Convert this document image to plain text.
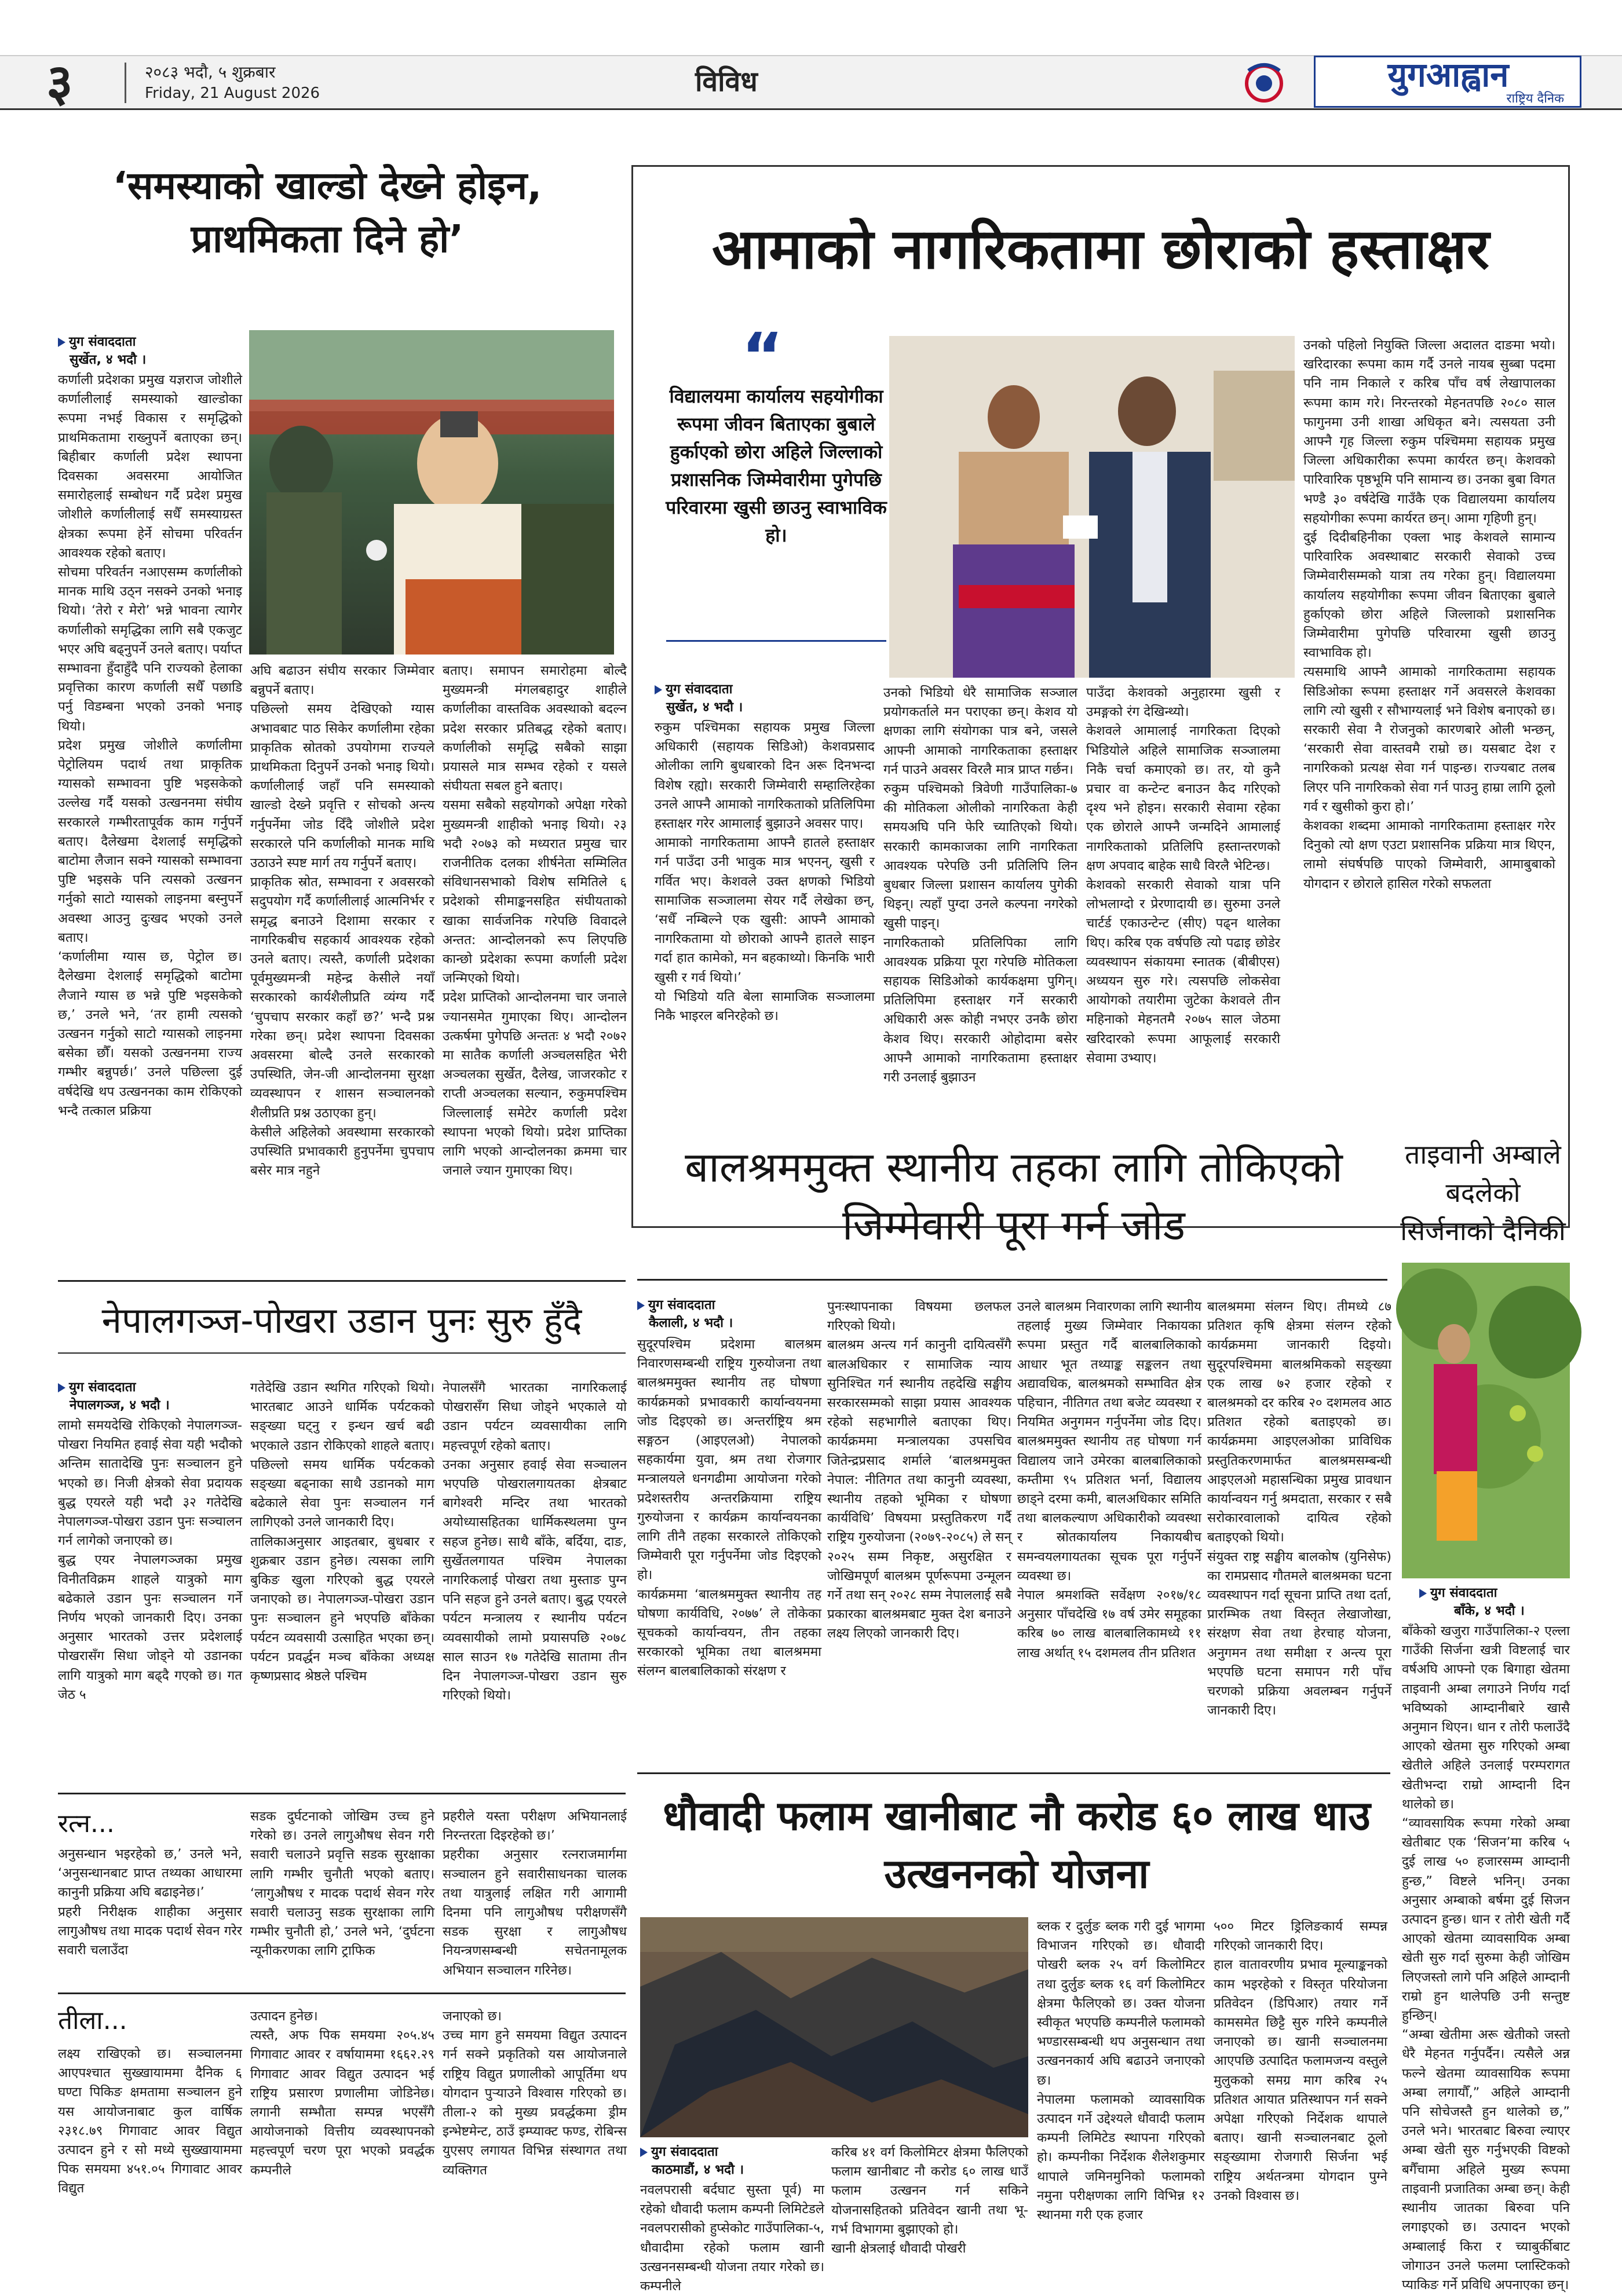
३	२०८३ भदौ, ५ शुक्रबार
Friday, 21 August 2026	विविध	युगआह्वान
राष्ट्रिय दैनिक
‘समस्याको खाल्डो देख्ने होइन, प्राथमिकता दिने हो’
युग संवाददाता
सुर्खेत, ४ भदौ ।
कर्णाली प्रदेशका प्रमुख यज्ञराज जोशीले कर्णालीलाई समस्याको खाल्डोका रूपमा नभई विकास र समृद्धिको प्राथमिकतामा राख्नुपर्ने बताएका छन्। बिहीबार कर्णाली प्रदेश स्थापना दिवसका अवसरमा आयोजित समारोहलाई सम्बोधन गर्दै प्रदेश प्रमुख जोशीले कर्णालीलाई सधैँ समस्याग्रस्त क्षेत्रका रूपमा हेर्ने सोचमा परिवर्तन आवश्यक रहेको बताए।
सोचमा परिवर्तन नआएसम्म कर्णालीको मानक माथि उठ्न नसक्ने उनको भनाइ थियो। ‘तेरो र मेरो’ भन्ने भावना त्यागेर कर्णालीको समृद्धिका लागि सबै एकजुट भएर अघि बढ्नुपर्ने उनले बताए। पर्याप्त सम्भावना हुँदाहुँदै पनि राज्यको हेलाका प्रवृत्तिका कारण कर्णाली सधैँ पछाडि पर्नु विडम्बना भएको उनको भनाइ थियो।
प्रदेश प्रमुख जोशीले कर्णालीमा पेट्रोलियम पदार्थ तथा प्राकृतिक ग्यासको सम्भावना पुष्टि भइसकेको उल्लेख गर्दै यसको उत्खननमा संघीय सरकारले गम्भीरतापूर्वक काम गर्नुपर्ने बताए। दैलेखमा देशलाई समृद्धिको बाटोमा लैजान सक्ने ग्यासको सम्भावना पुष्टि भइसके पनि त्यसको उत्खनन गर्नुको साटो ग्यासको लाइनमा बस्नुपर्ने अवस्था आउनु दुःखद भएको उनले बताए।
‘कर्णालीमा ग्यास छ, पेट्रोल छ। दैलेखमा देशलाई समृद्धिको बाटोमा लैजाने ग्यास छ भन्ने पुष्टि भइसकेको छ,’ उनले भने, ‘तर हामी त्यसको उत्खनन गर्नुको साटो ग्यासको लाइनमा बसेका छौँ। यसको उत्खननमा राज्य गम्भीर बन्नुपर्छ।’ उनले पछिल्ला दुई वर्षदेखि थप उत्खननका काम रोकिएको भन्दै तत्काल प्रक्रिया
अघि बढाउन संघीय सरकार जिम्मेवार बन्नुपर्ने बताए।
पछिल्लो समय देखिएको ग्यास अभावबाट पाठ सिकेर कर्णालीमा रहेका प्राकृतिक स्रोतको उपयोगमा राज्यले प्राथमिकता दिनुपर्ने उनको भनाइ थियो। कर्णालीलाई जहाँ पनि समस्याको खाल्डो देख्ने प्रवृत्ति र सोचको अन्त्य गर्नुपर्नेमा जोड दिँदै जोशीले प्रदेश सरकारले पनि कर्णालीको मानक माथि उठाउने स्पष्ट मार्ग तय गर्नुपर्ने बताए।
प्राकृतिक स्रोत, सम्भावना र अवसरको सदुपयोग गर्दै कर्णालीलाई आत्मनिर्भर र समृद्ध बनाउने दिशामा सरकार र नागरिकबीच सहकार्य आवश्यक रहेको उनले बताए। त्यस्तै, कर्णाली प्रदेशका पूर्वमुख्यमन्त्री महेन्द्र केसीले नयाँ सरकारको कार्यशैलीप्रति व्यंग्य गर्दै ‘चुपचाप सरकार कहाँ छ?’ भन्दै प्रश्न गरेका छन्। प्रदेश स्थापना दिवसका अवसरमा बोल्दै उनले सरकारको उपस्थिति, जेन-जी आन्दोलनमा सुरक्षा व्यवस्थापन र शासन सञ्चालनको शैलीप्रति प्रश्न उठाएका हुन्।
केसीले अहिलेको अवस्थामा सरकारको उपस्थिति प्रभावकारी हुनुपर्नेमा चुपचाप बसेर मात्र नहुने
बताए। समापन समारोहमा बोल्दै मुख्यमन्त्री मंगलबहादुर शाहीले कर्णालीका वास्तविक अवस्थाको बदल्न प्रदेश सरकार प्रतिबद्ध रहेको बताए। कर्णालीको समृद्धि सबैको साझा प्रयासले मात्र सम्भव रहेको र यसले संघीयता सबल हुने बताए।
यसमा सबैको सहयोगको अपेक्षा गरेको मुख्यमन्त्री शाहीको भनाइ थियो। २३ भदौ २०७३ को मध्यरात प्रमुख चार राजनीतिक दलका शीर्षनेता सम्मिलित संविधानसभाको विशेष समितिले ६ प्रदेशको सीमाङ्कनसहित संघीयताको खाका सार्वजनिक गरेपछि विवादले अन्तत: आन्दोलनको रूप लिएपछि कान्छो प्रदेशका रूपमा कर्णाली प्रदेश जन्मिएको थियो।
प्रदेश प्राप्तिको आन्दोलनमा चार जनाले ज्यानसमेत गुमाएका थिए। आन्दोलन उत्कर्षमा पुगेपछि अन्ततः ४ भदौ २०७२ मा सातैक कर्णाली अञ्चलसहित भेरी अञ्चलका सुर्खेत, दैलेख, जाजरकोट र राप्ती अञ्चलका सल्यान, रुकुमपश्चिम जिल्लालाई समेटेर कर्णाली प्रदेश स्थापना भएको थियो। प्रदेश प्राप्तिका लागि भएको आन्दोलनका क्रममा चार जनाले ज्यान गुमाएका थिए।
आमाको नागरिकतामा छोराको हस्ताक्षर
“
विद्यालयमा कार्यालय सहयोगीका रूपमा जीवन बिताएका बुबाले हुर्काएको छोरा अहिले जिल्लाको प्रशासनिक जिम्मेवारीमा पुगेपछि परिवारमा खुसी छाउनु स्वाभाविक हो।
युग संवाददाता
सुर्खेत, ४ भदौ ।
रुकुम पश्चिमका सहायक प्रमुख जिल्ला अधिकारी (सहायक सिडिओ) केशवप्रसाद ओलीका लागि बुधबारको दिन अरू दिनभन्दा विशेष रह्यो। सरकारी जिम्मेवारी सम्हालिरहेका उनले आफ्नै आमाको नागरिकताको प्रतिलिपिमा हस्ताक्षर गरेर आमालाई बुझाउने अवसर पाए।
आमाको नागरिकतामा आफ्नै हातले हस्ताक्षर गर्न पाउँदा उनी भावुक मात्र भएनन्, खुसी र गर्वित भए। केशवले उक्त क्षणको भिडियो सामाजिक सञ्जालमा सेयर गर्दै लेखेका छन्, ‘सधैँ नम्बिल्ने एक खुसी: आफ्नै आमाको नागरिकतामा यो छोराको आफ्नै हातले साइन गर्दा हात कामेको, मन बहकाथ्यो। किनकि भारी खुसी र गर्व थियो।’
यो भिडियो यति बेला सामाजिक सञ्जालमा निकै भाइरल बनिरहेको छ।
उनको भिडियो धेरै सामाजिक सञ्जाल प्रयोगकर्ताले मन पराएका छन्। केशव यो क्षणका लागि संयोगका पात्र बने, जसले आफ्नी आमाको नागरिकताका हस्ताक्षर गर्न पाउने अवसर विरलै मात्र प्राप्त गर्छन।
रुकुम पश्चिमको त्रिवेणी गाउँपालिका-७ की मोतिकला ओलीको नागरिकता केही समयअघि पनि फेरि च्यातिएको थियो। सरकारी कामकाजका लागि नागरिकता आवश्यक परेपछि उनी प्रतिलिपि लिन बुधबार जिल्ला प्रशासन कार्यालय पुगेकी थिइन्। त्यहाँ पुग्दा उनले कल्पना नगरेको खुसी पाइन्।
नागरिकताको प्रतिलिपिका लागि आवश्यक प्रक्रिया पूरा गरेपछि मोतिकला सहायक सिडिओको कार्यकक्षमा पुगिन्। प्रतिलिपिमा हस्ताक्षर गर्ने सरकारी अधिकारी अरू कोही नभएर उनकै छोरा केशव थिए। सरकारी ओहोदामा बसेर आफ्नै आमाको नागरिकतामा हस्ताक्षर गरी उनलाई बुझाउन
पाउँदा केशवको अनुहारमा खुसी र उमङ्गको रंग देखिन्थ्यो।
केशवले आमालाई नागरिकता दिएको भिडियोले अहिले सामाजिक सञ्जालमा निकै चर्चा कमाएको छ। तर, यो कुनै प्रचार वा कन्टेन्ट बनाउन कैद गरिएको दृश्य भने होइन। सरकारी सेवामा रहेका एक छोराले आफ्नै जन्मदिने आमालाई नागरिकताको प्रतिलिपि हस्तान्तरणको क्षण अपवाद बाहेक साधै विरलै भेटिन्छ।
केशवको सरकारी सेवाको यात्रा पनि लोभलाग्दो र प्रेरणादायी छ। सुरुमा उनले चार्टर्ड एकाउन्टेन्ट (सीए) पढ्न थालेका थिए। करिब एक वर्षपछि त्यो पढाइ छोडेर व्यवस्थापन संकायमा स्नातक (बीबीएस) अध्ययन सुरु गरे। त्यसपछि लोकसेवा आयोगको तयारीमा जुटेका केशवले तीन महिनाको मेहनतमै २०७५ साल जेठमा खरिदारको रूपमा आफूलाई सरकारी सेवामा उभ्याए।
उनको पहिलो नियुक्ति जिल्ला अदालत दाङमा भयो। खरिदारका रूपमा काम गर्दै उनले नायब सुब्बा पदमा पनि नाम निकाले र करिब पाँच वर्ष लेखापालका रूपमा काम गरे। निरन्तरको मेहनतपछि २०८० साल फागुनमा उनी शाखा अधिकृत बने। त्यसयता उनी आफ्नै गृह जिल्ला रुकुम पश्चिममा सहायक प्रमुख जिल्ला अधिकारीका रूपमा कार्यरत छन्। केशवको पारिवारिक पृष्ठभूमि पनि सामान्य छ। उनका बुबा विगत भण्डै ३० वर्षदेखि गाउँकै एक विद्यालयमा कार्यालय सहयोगीका रूपमा कार्यरत छन्। आमा गृहिणी हुन्।
दुई दिदीबहिनीका एक्ला भाइ केशवले सामान्य पारिवारिक अवस्थाबाट सरकारी सेवाको उच्च जिम्मेवारीसम्मको यात्रा तय गरेका हुन्। विद्यालयमा कार्यालय सहयोगीका रूपमा जीवन बिताएका बुबाले हुर्काएको छोरा अहिले जिल्लाको प्रशासनिक जिम्मेवारीमा पुगेपछि परिवारमा खुसी छाउनु स्वाभाविक हो।
त्यसमाथि आफ्नै आमाको नागरिकतामा सहायक सिडिओका रूपमा हस्ताक्षर गर्ने अवसरले केशवका लागि त्यो खुसी र सौभाग्यलाई भने विशेष बनाएको छ। सरकारी सेवा नै रोजनुको कारणबारे ओली भन्छन्, ‘सरकारी सेवा वास्तवमै राम्रो छ। यसबाट देश र नागरिकको प्रत्यक्ष सेवा गर्न पाइन्छ। राज्यबाट तलब लिएर पनि नागरिकको सेवा गर्न पाउनु हाम्रा लागि ठूलो गर्व र खुसीको कुरा हो।’
केशवका शब्दमा आमाको नागरिकतामा हस्ताक्षर गरेर दिनुको त्यो क्षण एउटा प्रशासनिक प्रक्रिया मात्र थिएन, लामो संघर्षपछि पाएको जिम्मेवारी, आमाबुबाको योगदान र छोराले हासिल गरेको सफलता
बालश्रममुक्त स्थानीय तहका लागि तोकिएको जिम्मेवारी पूरा गर्न जोड
युग संवाददाता
कैलाली, ४ भदौ ।
सुदूरपश्चिम प्रदेशमा बालश्रम निवारणसम्बन्धी राष्ट्रिय गुरुयोजना तथा बालश्रममुक्त स्थानीय तह घोषणा कार्यक्रमको प्रभावकारी कार्यान्वयनमा जोड दिइएको छ। अन्तर्राष्ट्रिय श्रम सङ्गठन (आइएलओ) नेपालको सहकार्यमा युवा, श्रम तथा रोजगार मन्त्रालयले धनगढीमा आयोजना गरेको प्रदेशस्तरीय अन्तरक्रियामा राष्ट्रिय गुरुयोजना र कार्यक्रम कार्यान्वयनका लागि तीनै तहका सरकारले तोकिएको जिम्मेवारी पूरा गर्नुपर्नेमा जोड दिइएको हो।
कार्यक्रममा ‘बालश्रममुक्त स्थानीय तह घोषणा कार्यविधि, २०७७’ ले तोकेका सूचकको कार्यान्वयन, तीन तहका सरकारको भूमिका तथा बालश्रममा संलग्न बालबालिकाको संरक्षण र
पुनःस्थापनाका विषयमा छलफल गरिएको थियो।
बालश्रम अन्त्य गर्न कानुनी दायित्वसँगै बालअधिकार र सामाजिक न्याय सुनिश्चित गर्न स्थानीय तहदेखि सङ्घीय सरकारसम्मको साझा प्रयास आवश्यक रहेको सहभागीले बताएका थिए। कार्यक्रममा मन्त्रालयका उपसचिव जितेन्द्रप्रसाद शर्माले ‘बालश्रममुक्त नेपाल: नीतिगत तथा कानुनी व्यवस्था, स्थानीय तहको भूमिका र घोषणा कार्यविधि’ विषयमा प्रस्तुतिकरण गर्दै राष्ट्रिय गुरुयोजना (२०७९-२०८५) ले सन् २०२५ सम्म निकृष्ट, असुरक्षित र जोखिमपूर्ण बालश्रम पूर्णरूपमा उन्मूलन गर्ने तथा सन् २०२८ सम्म नेपाललाई सबै प्रकारका बालश्रमबाट मुक्त देश बनाउने लक्ष्य लिएको जानकारी दिए।
उनले बालश्रम निवारणका लागि स्थानीय तहलाई मुख्य जिम्मेवार निकायका रूपमा प्रस्तुत गर्दै बालबालिकाको आधार भूत तथ्याङ्क सङ्कलन तथा अद्यावधिक, बालश्रमको सम्भावित क्षेत्र पहिचान, नीतिगत तथा बजेट व्यवस्था र नियमित अनुगमन गर्नुपर्नेमा जोड दिए। बालश्रममुक्त स्थानीय तह घोषणा गर्न विद्यालय जाने उमेरका बालबालिकाको कम्तीमा ९५ प्रतिशत भर्ना, विद्यालय छाड्ने दरमा कमी, बालअधिकार समिति तथा बालकल्याण अधिकारीको व्यवस्था र स्रोतकार्यालय निकायबीच समन्वयलगायतका सूचक पूरा गर्नुपर्ने व्यवस्था छ।
नेपाल श्रमशक्ति सर्वेक्षण २०१७/१८ अनुसार पाँचदेखि १७ वर्ष उमेर समूहका करिब ७० लाख बालबालिकामध्ये ११ लाख अर्थात् १५ दशमलव तीन प्रतिशत
बालश्रममा संलग्न थिए। तीमध्ये ८७ प्रतिशत कृषि क्षेत्रमा संलग्न रहेको कार्यक्रममा जानकारी दिइयो। सुदूरपश्चिममा बालश्रमिकको सङ्ख्या एक लाख ७२ हजार रहेको र बालश्रमको दर करिब २० दशमलव आठ प्रतिशत रहेको बताइएको छ। कार्यक्रममा आइएलओका प्राविधिक प्रस्तुतिकरणमार्फत बालश्रमसम्बन्धी आइएलओ महासन्धिका प्रमुख प्रावधान कार्यान्वयन गर्नु श्रमदाता, सरकार र सबै सरोकारवालाको दायित्व रहेको बताइएको थियो।
संयुक्त राष्ट्र सङ्घीय बालकोष (युनिसेफ) का रामप्रसाद गौतमले बालश्रमका घटना व्यवस्थापन गर्दा सूचना प्राप्ति तथा दर्ता, प्रारम्भिक तथा विस्तृत लेखाजोखा, संरक्षण सेवा तथा हेरचाह योजना, अनुगमन तथा समीक्षा र अन्त्य पूरा भएपछि घटना समापन गरी पाँच चरणको प्रक्रिया अवलम्बन गर्नुपर्ने जानकारी दिए।
नेपालगञ्ज-पोखरा उडान पुनः सुरु हुँदै
युग संवाददाता
नेपालगञ्ज, ४ भदौ ।
लामो समयदेखि रोकिएको नेपालगञ्ज-पोखरा नियमित हवाई सेवा यही भदौको अन्तिम सातादेखि पुनः सञ्चालन हुने भएको छ। निजी क्षेत्रको सेवा प्रदायक बुद्ध एयरले यही भदौ ३२ गतेदेखि नेपालगञ्ज-पोखरा उडान पुनः सञ्चालन गर्न लागेको जनाएको छ।
बुद्ध एयर नेपालगञ्जका प्रमुख विनीतविक्रम शाहले यात्रुको माग बढेकाले उडान पुनः सञ्चालन गर्ने निर्णय भएको जानकारी दिए। उनका अनुसार भारतको उत्तर प्रदेशलाई पोखरासँग सिधा जोड्ने यो उडानका लागि यात्रुको माग बढ्दै गएको छ। गत जेठ ५
गतेदेखि उडान स्थगित गरिएको थियो। भारतबाट आउने धार्मिक पर्यटकको सङ्ख्या घट्नु र इन्धन खर्च बढी भएकाले उडान रोकिएको शाहले बताए। पछिल्लो समय धार्मिक पर्यटकको सङ्ख्या बढ्नाका साथै उडानको माग बढेकाले सेवा पुनः सञ्चालन गर्न लागिएको उनले जानकारी दिए।
तालिकाअनुसार आइतबार, बुधबार र शुक्रबार उडान हुनेछ। त्यसका लागि बुकिङ खुला गरिएको बुद्ध एयरले जनाएको छ। नेपालगञ्ज-पोखरा उडान पुनः सञ्चालन हुने भएपछि बाँकेका पर्यटन व्यवसायी उत्साहित भएका छन्। पर्यटन प्रवर्द्धन मञ्च बाँकेका अध्यक्ष कृष्णप्रसाद श्रेष्ठले पश्चिम
नेपालसँगै भारतका नागरिकलाई पोखरासँग सिधा जोड्ने भएकाले यो उडान पर्यटन व्यवसायीका लागि महत्त्वपूर्ण रहेको बताए।
उनका अनुसार हवाई सेवा सञ्चालन भएपछि पोखरालगायतका क्षेत्रबाट बागेश्वरी मन्दिर तथा भारतको अयोध्यासहितका धार्मिकस्थलमा पुग्न सहज हुनेछ। साथै बाँके, बर्दिया, दाङ, सुर्खेतलगायत पश्चिम नेपालका नागरिकलाई पोखरा तथा मुस्ताङ पुग्न पनि सहज हुने उनले बताए। बुद्ध एयरले पर्यटन मन्त्रालय र स्थानीय पर्यटन व्यवसायीको लामो प्रयासपछि २०७८ साल साउन १७ गतेदेखि सातामा तीन दिन नेपालगञ्ज-पोखरा उडान सुरु गरिएको थियो।
ताइवानी अम्बाले बदलेको सिर्जनाको दैनिकी
युग संवाददाता
बाँके, ४ भदौ ।
बाँकेको खजुरा गाउँपालिका-२ एल्ला गाउँकी सिर्जना खत्री विष्टलाई चार वर्षअघि आफ्नो एक बिगाहा खेतमा ताइवानी अम्बा लगाउने निर्णय गर्दा भविष्यको आम्दानीबारे खासै अनुमान थिएन। धान र तोरी फलाउँदै आएको खेतमा सुरु गरिएको अम्बा खेतीले अहिले उनलाई परम्परागत खेतीभन्दा राम्रो आम्दानी दिन थालेको छ।
“व्यावसायिक रूपमा गरेको अम्बा खेतीबाट एक ‘सिजन’मा करिब ५ दुई लाख ५० हजारसम्म आम्दानी हुन्छ,” विष्टले भनिन्। उनका अनुसार अम्बाको बर्षमा दुई सिजन उत्पादन हुन्छ। धान र तोरी खेती गर्दै आएको खेतमा व्यावसायिक अम्बा खेती सुरु गर्दा सुरुमा केही जोखिम लिएजस्तो लागे पनि अहिले आम्दानी राम्रो हुन थालेपछि उनी सन्तुष्ट हुन्छिन्।
“अम्बा खेतीमा अरू खेतीको जस्तो धेरै मेहनत गर्नुपर्दैन। त्यसैले अन्न फल्ने खेतमा व्यावसायिक रूपमा अम्बा लगायौँ,” अहिले आम्दानी पनि सोचेजस्तै हुन थालेको छ,” उनले भने। भारतबाट बिरुवा ल्याएर अम्बा खेती सुरु गर्नुभएकी विष्टको बगैँचामा अहिले मुख्य रूपमा ताइवानी प्रजातिका अम्बा छन्। केही स्थानीय जातका बिरुवा पनि लगाइएको छ। उत्पादन भएको अम्बालाई किरा र च्याबुर्कीबाट जोगाउन उनले फलमा प्लास्टिकको प्याकिङ गर्ने प्रविधि अपनाएका छन्।
धौवादी फलाम खानीबाट नौ करोड ६० लाख धाउ उत्खननको योजना
युग संवाददाता
काठमाडौं, ४ भदौ ।
नवलपरासी बर्दघाट सुस्ता पूर्व) मा रहेको धौवादी फलाम कम्पनी लिमिटेडले नवलपरासीको हुप्सेकोट गाउँपालिका-५, धौवादीमा रहेको फलाम खानी उत्खननसम्बन्धी योजना तयार गरेको छ। कम्पनीले
करिब ४१ वर्ग किलोमिटर क्षेत्रमा फैलिएको फलाम खानीबाट नौ करोड ६० लाख धाउँ फलाम उत्खनन गर्न सकिने योजनासहितको प्रतिवेदन खानी तथा भू-गर्भ विभागमा बुझाएको हो।
खानी क्षेत्रलाई धौवादी पोखरी
ब्लक र दुर्लुङ ब्लक गरी दुई भागमा विभाजन गरिएको छ। धौवादी पोखरी ब्लक २५ वर्ग किलोमिटर तथा दुर्लुङ ब्लक १६ वर्ग किलोमिटर क्षेत्रमा फैलिएको छ। उक्त योजना स्वीकृत भएपछि कम्पनीले फलामको भण्डारसम्बन्धी थप अनुसन्धान तथा उत्खननकार्य अघि बढाउने जनाएको छ।
नेपालमा फलामको व्यावसायिक उत्पादन गर्ने उद्देश्यले धौवादी फलाम कम्पनी लिमिटेड स्थापना गरिएको हो। कम्पनीका निर्देशक शैलेशकुमार थापाले जमिनमुनिको फलामको नमुना परीक्षणका लागि विभिन्न १२ स्थानमा गरी एक हजार
५०० मिटर ड्रिलिङकार्य सम्पन्न गरिएको जानकारी दिए।
हाल वातावरणीय प्रभाव मूल्याङ्कनको काम भइरहेको र विस्तृत परियोजना प्रतिवेदन (डिपिआर) तयार गर्ने कामसमेत छिट्टै सुरु गरिने कम्पनीले जनाएको छ। खानी सञ्चालनमा आएपछि उत्पादित फलामजन्य वस्तुले मुलुकको समग्र माग करिब २५ प्रतिशत आयात प्रतिस्थापन गर्न सक्ने अपेक्षा गरिएको निर्देशक थापाले बताए। खानी सञ्चालनबाट ठूलो सङ्ख्यामा रोजगारी सिर्जना भई राष्ट्रिय अर्थतन्त्रमा योगदान पुग्ने उनको विश्वास छ।
रत्न...
अनुसन्धान भइरहेको छ,’ उनले भने, ‘अनुसन्धानबाट प्राप्त तथ्यका आधारमा कानुनी प्रक्रिया अघि बढाइनेछ।’
प्रहरी निरीक्षक शाहीका अनुसार लागुऔषध तथा मादक पदार्थ सेवन गरेर सवारी चलाउँदा
सडक दुर्घटनाको जोखिम उच्च हुने गरेको छ। उनले लागुऔषध सेवन गरी सवारी चलाउने प्रवृत्ति सडक सुरक्षाका लागि गम्भीर चुनौती भएको बताए। ‘लागुऔषध र मादक पदार्थ सेवन गरेर सवारी चलाउनु सडक सुरक्षाका लागि गम्भीर चुनौती हो,’ उनले भने, ‘दुर्घटना न्यूनीकरणका लागि ट्राफिक
प्रहरीले यस्ता परीक्षण अभियानलाई निरन्तरता दिइरहेको छ।’
प्रहरीका अनुसार रत्नराजमार्गमा सञ्चालन हुने सवारीसाधनका चालक तथा यात्रुलाई लक्षित गरी आगामी दिनमा पनि लागुऔषध परीक्षणसँगै सडक सुरक्षा र लागुऔषध नियन्त्रणसम्बन्धी सचेतनामूलक अभियान सञ्चालन गरिनेछ।
तीला...
लक्ष्य राखिएको छ। सञ्चालनमा आएपश्चात सुख्खायाममा दैनिक ६ घण्टा पिकिङ क्षमतामा सञ्चालन हुने यस आयोजनाबाट कुल वार्षिक २३१८.७९ गिगावाट आवर विद्युत उत्पादन हुने र सो मध्ये सुख्खायाममा पिक समयमा ४५१.०५ गिगावाट आवर विद्युत
उत्पादन हुनेछ।
त्यस्तै, अफ पिक समयमा २०५.४५ गिगावाट आवर र वर्षायाममा १६६२.२९ गिगावाट आवर विद्युत उत्पादन भई राष्ट्रिय प्रसारण प्रणालीमा जोडिनेछ। लगानी सम्भौता सम्पन्न भएसँगै आयोजनाको वित्तीय व्यवस्थापनको महत्त्वपूर्ण चरण पूरा भएको प्रवर्द्धक कम्पनीले
जनाएको छ।
उच्च माग हुने समयमा विद्युत उत्पादन गर्न सक्ने प्रकृतिको यस आयोजनाले राष्ट्रिय विद्युत प्रणालीको आपूर्तिमा थप योगदान पुऱ्याउने विश्वास गरिएको छ। तीला-२ को मुख्य प्रवर्द्धकमा ड्रीम इन्भेष्टमेन्ट, ठाउँ इम्प्याक्ट फण्ड, रोबिन्स युएसए लगायत विभिन्न संस्थागत तथा व्यक्तिगत
